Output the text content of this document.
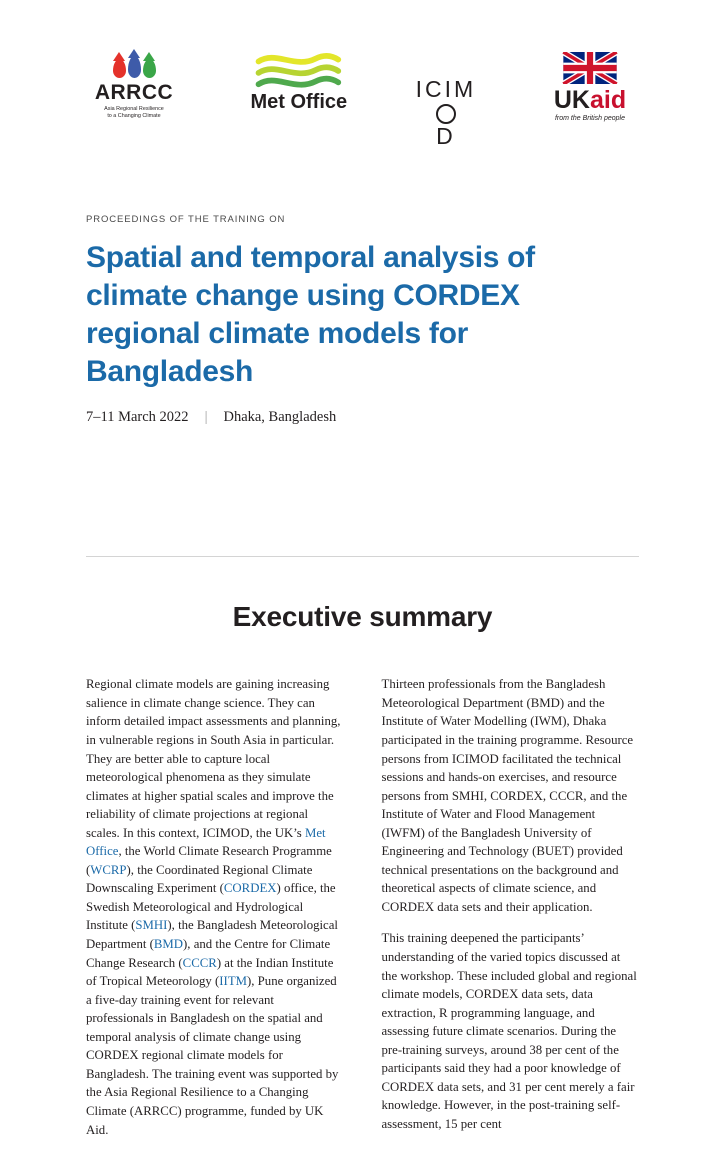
ARRCC
Asia Regional Resilience
to a Changing Climate
Met Office	ICIM
D
UKaid
from the British people
PROCEEDINGS OF THE TRAINING ON
Spatial and temporal analysis of climate change using CORDEX regional climate models for Bangladesh
7–11 March 2022 | Dhaka, Bangladesh
Executive summary

Regional climate models are gaining increasing salience in climate change science. They can inform detailed impact assessments and planning, in vulnerable regions in South Asia in particular. They are better able to capture local meteorological phenomena as they simulate climates at higher spatial scales and improve the reliability of climate projections at regional scales. In this context, ICIMOD, the UK’s Met Office, the World Climate Research Programme (WCRP), the Coordinated Regional Climate Downscaling Experiment (CORDEX) office, the Swedish Meteorological and Hydrological Institute (SMHI), the Bangladesh Meteorological Department (BMD), and the Centre for Climate Change Research (CCCR) at the Indian Institute of Tropical Meteorology (IITM), Pune organized a five-day training event for relevant professionals in Bangladesh on the spatial and temporal analysis of climate change using CORDEX regional climate models for Bangladesh. The training event was supported by the Asia Regional Resilience to a Changing Climate (ARRCC) programme, funded by UK Aid.

Thirteen professionals from the Bangladesh Meteorological Department (BMD) and the Institute of Water Modelling (IWM), Dhaka participated in the training programme. Resource persons from ICIMOD facilitated the technical sessions and hands-on exercises, and resource persons from SMHI, CORDEX, CCCR, and the Institute of Water and Flood Management (IWFM) of the Bangladesh University of Engineering and Technology (BUET) provided technical presentations on the background and theoretical aspects of climate science, and CORDEX data sets and their application.

This training deepened the participants’ understanding of the varied topics discussed at the workshop. These included global and regional climate models, CORDEX data sets, data extraction, R programming language, and assessing future climate scenarios. During the pre-training surveys, around 38 per cent of the participants said they had a poor knowledge of CORDEX data sets, and 31 per cent merely a fair knowledge. However, in the post-training self-assessment, 15 per cent
